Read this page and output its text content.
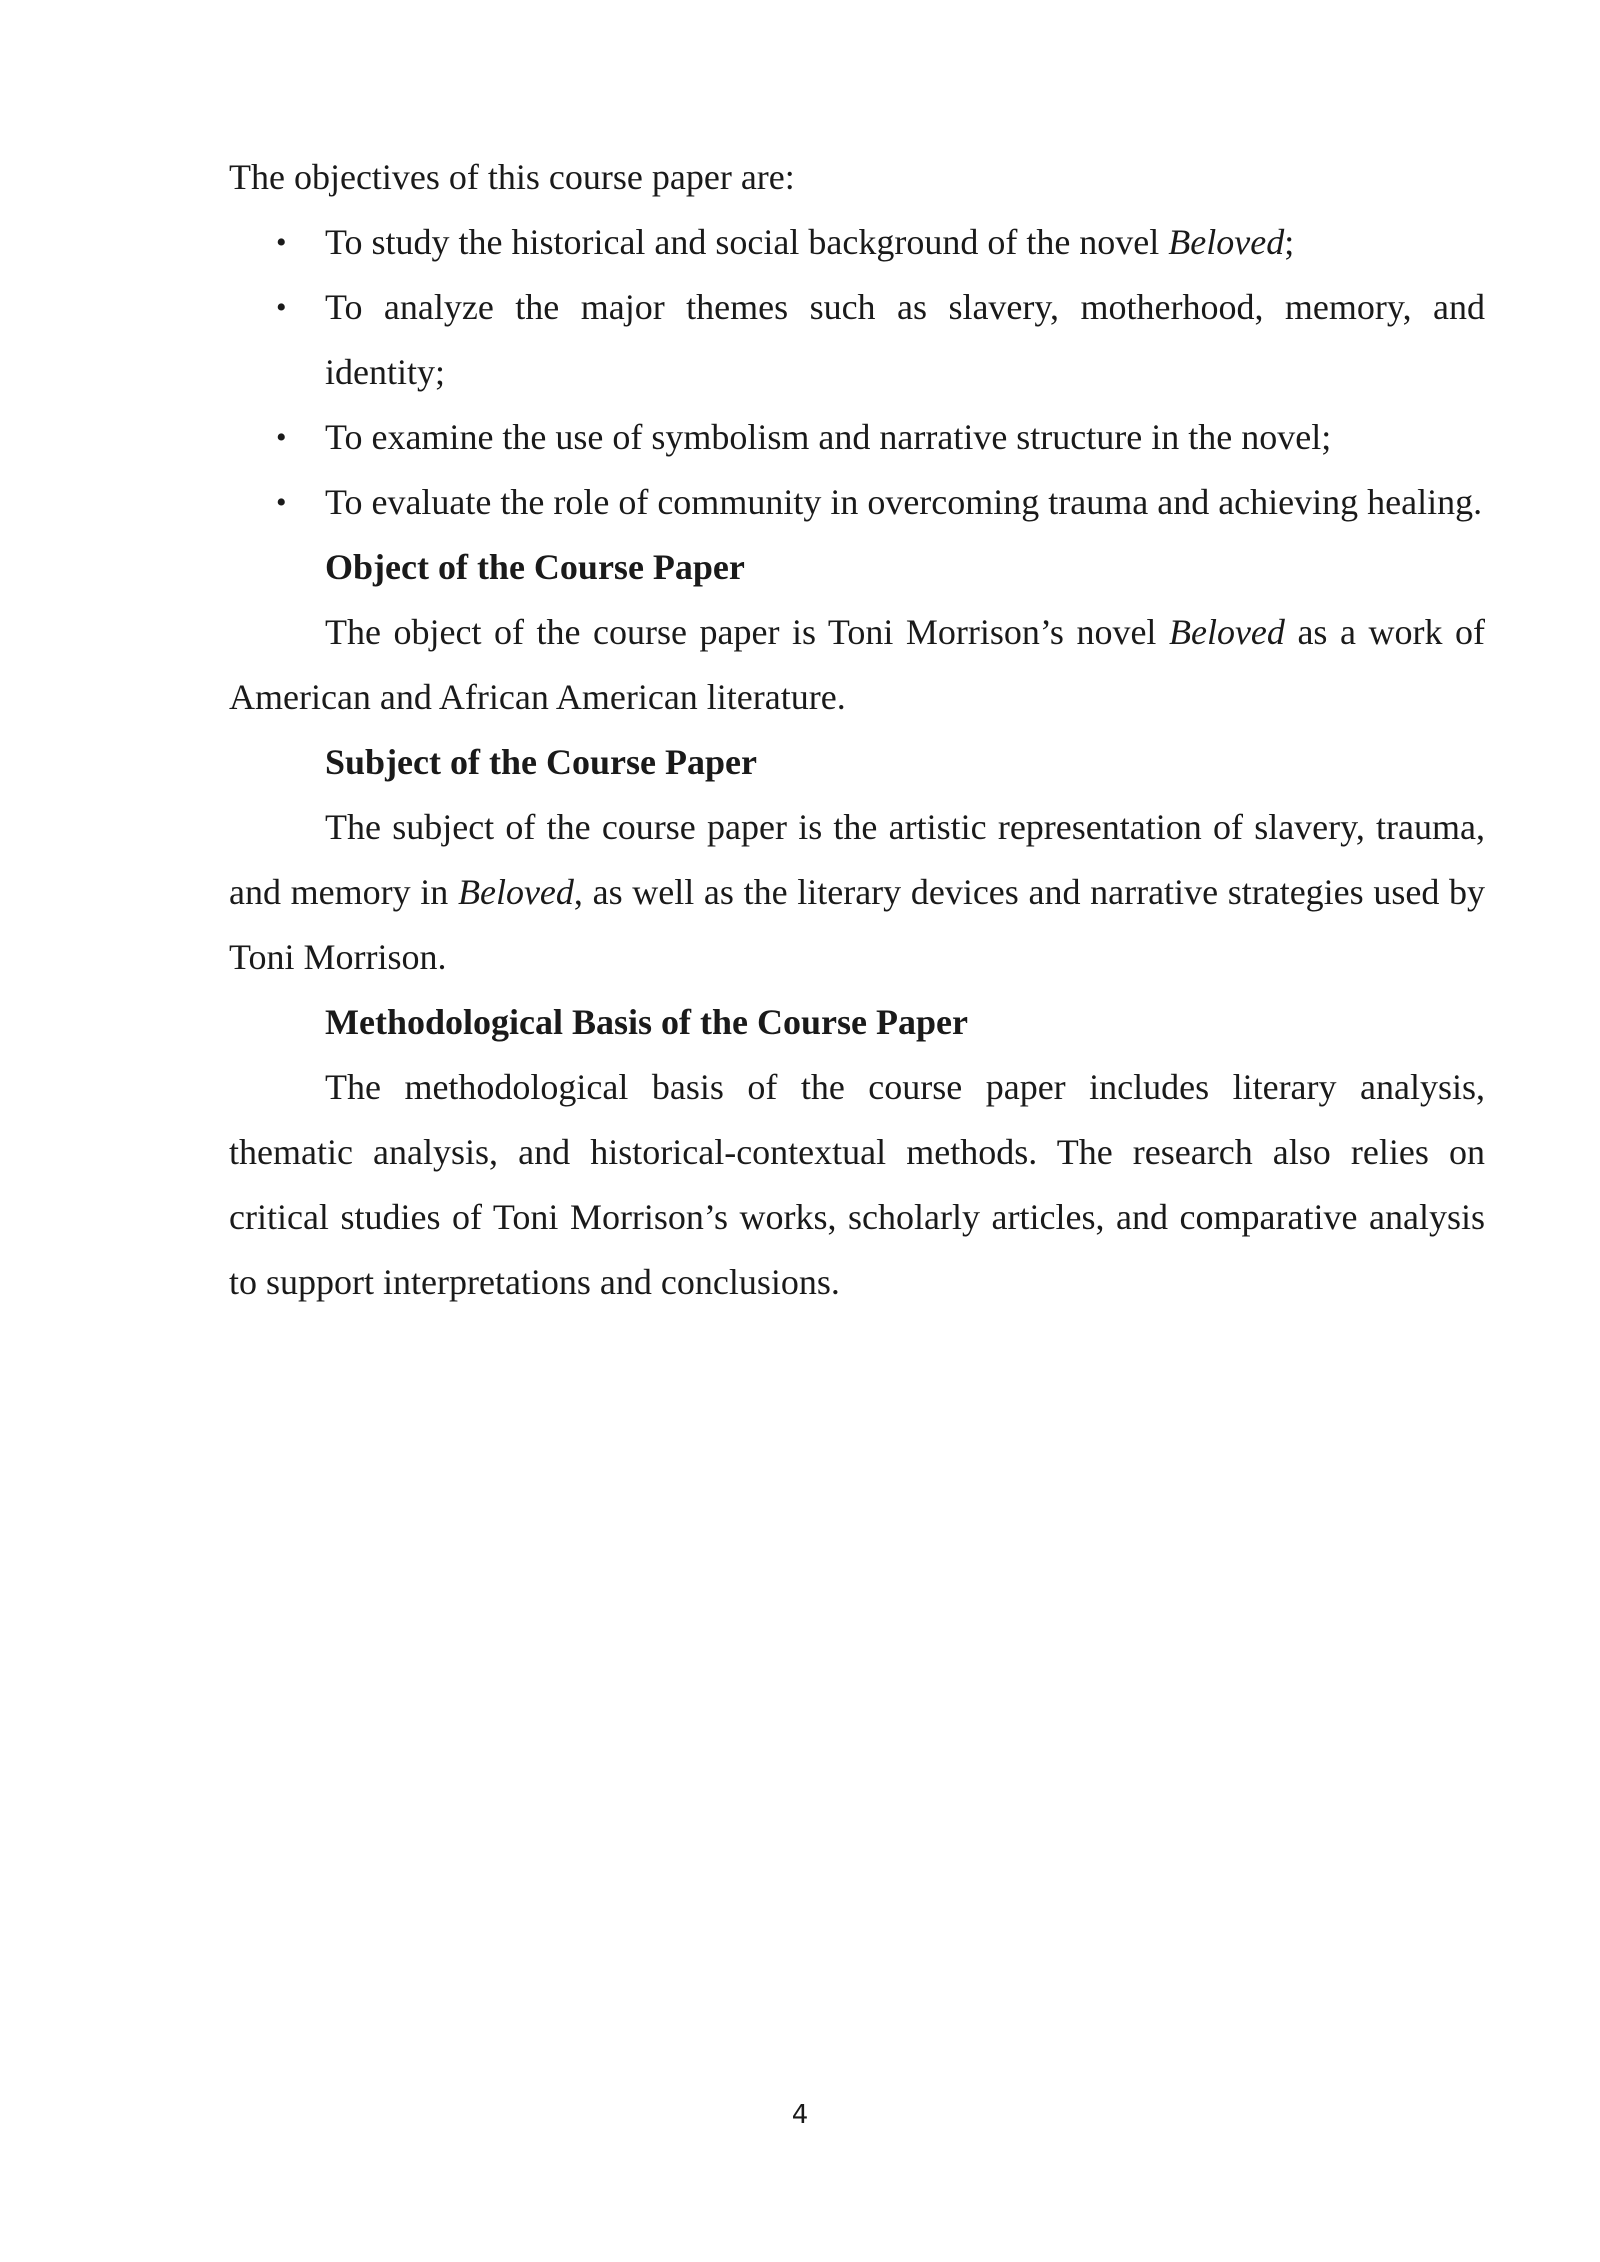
The objectives of this course paper are:

• To study the historical and social background of the novel Beloved;
• To analyze the major themes such as slavery, motherhood, memory, and identity;
• To examine the use of symbolism and narrative structure in the novel;
• To evaluate the role of community in overcoming trauma and achieving healing.

Object of the Course Paper

The object of the course paper is Toni Morrison’s novel Beloved as a work of American and African American literature.

Subject of the Course Paper

The subject of the course paper is the artistic representation of slavery, trauma, and memory in Beloved, as well as the literary devices and narrative strategies used by Toni Morrison.

Methodological Basis of the Course Paper

The methodological basis of the course paper includes literary analysis, thematic analysis, and historical-contextual methods. The research also relies on critical studies of Toni Morrison’s works, scholarly articles, and comparative analysis to support interpretations and conclusions.

4
